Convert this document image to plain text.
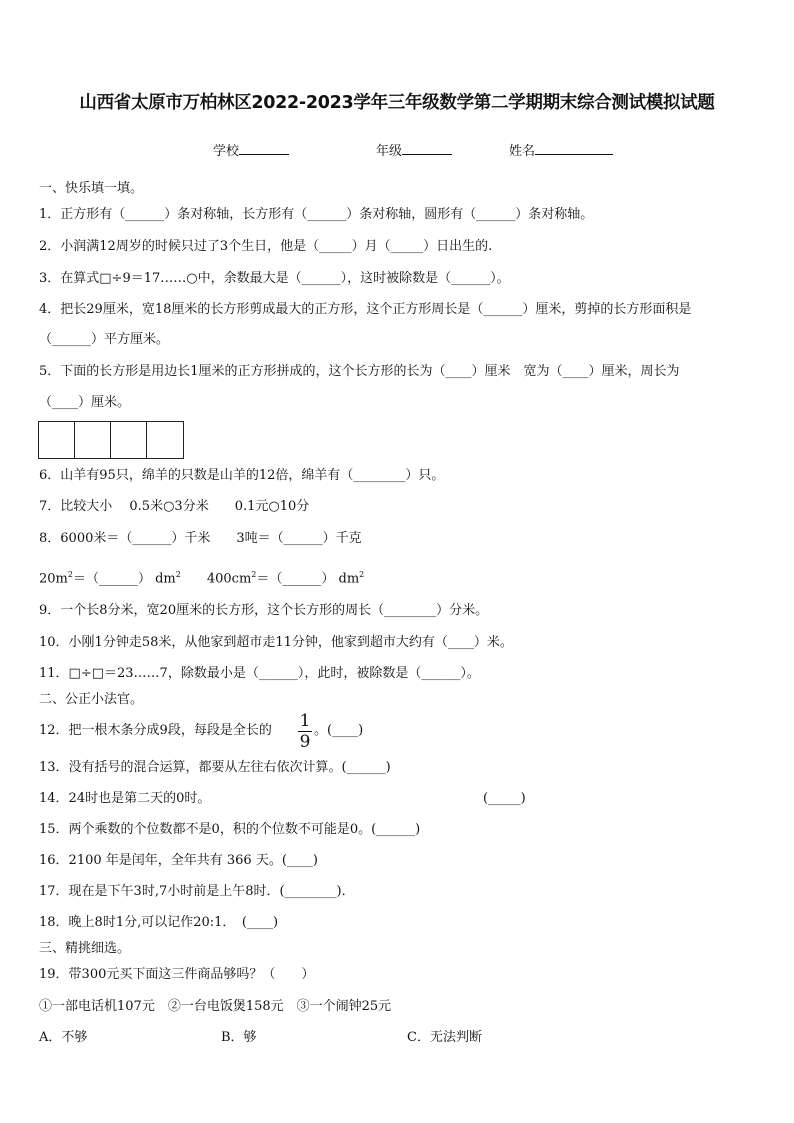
山西省太原市万柏林区2022-2023学年三年级数学第二学期期末综合测试模拟试题
学校	年级	姓名
一、快乐填一填。
1．正方形有（______）条对称轴，长方形有（______）条对称轴，圆形有（______）条对称轴。
2．小润满12周岁的时候只过了3个生日，他是（_____）月（_____）日出生的.
3．在算式□÷9＝17……○中，余数最大是（______），这时被除数是（______）。
4．把长29厘米，宽18厘米的长方形剪成最大的正方形，这个正方形周长是（______）厘米，剪掉的长方形面积是
（______）平方厘米。
5．下面的长方形是用边长1厘米的正方形拼成的，这个长方形的长为（____）厘米　宽为（____）厘米，周长为
（____）厘米。
6．山羊有95只，绵羊的只数是山羊的12倍，绵羊有（________）只。
7．比较大小　 0.5米○3分米　　0.1元○10分
8．6000米＝（______）千米　　3吨＝（______）千克
$20m^2=(\_\_\_\_\_\_)$ $dm^2$ $400cm^2=(\_\_\_\_\_\_)$ $dm^2$
9．一个长8分米，宽20厘米的长方形，这个长方形的周长（________）分米。
10．小刚1分钟走58米，从他家到超市走11分钟，他家到超市大约有（____）米。
11．□÷□＝23……7，除数最小是（______），此时，被除数是（______）。
二、公正小法官。
12．把一根木条分成9段，每段是全长的 1
9
。(____)
13．没有括号的混合运算，都要从左往右依次计算。(______)
14．24时也是第二天的0时。	(_____)
15．两个乘数的个位数都不是0，积的个位数不可能是0。(______)
16．2100 年是闰年，全年共有 366 天。(____)
17．现在是下午3时,7小时前是上午8时．(________)．
18．晚上8时1分,可以记作20:1．　(____)
三、精挑细选。
19．带300元买下面这三件商品够吗？（　　）
①一部电话机107元　②一台电饭煲158元　③一个闹钟25元
A．不够	B．够	C．无法判断
